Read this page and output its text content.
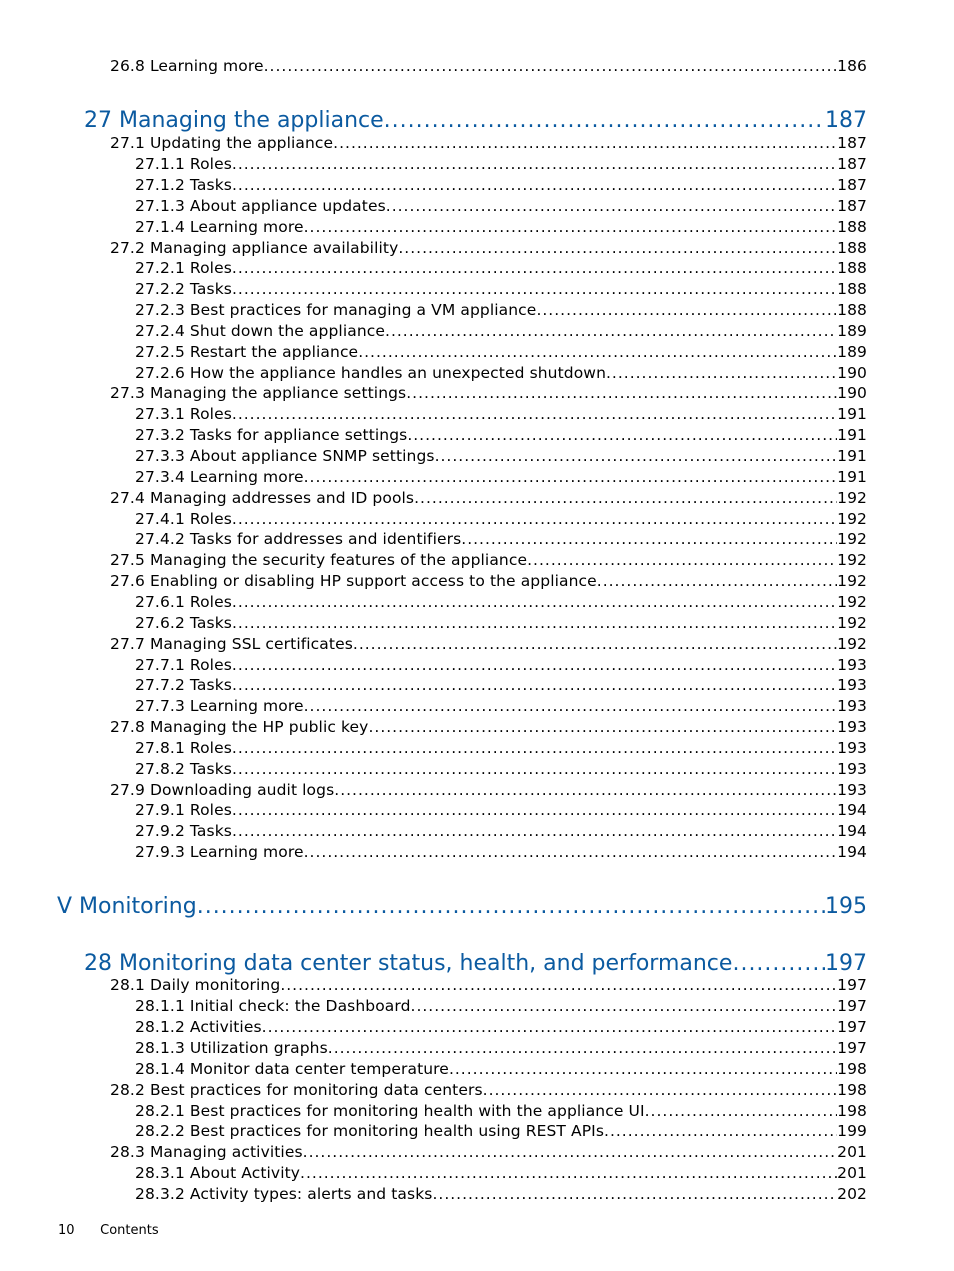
26.8 Learning more .....	186
27 Managing the appliance .....	187
27.1 Updating the appliance .....	187
27.1.1 Roles .....	187
27.1.2 Tasks .....	187
27.1.3 About appliance updates .....	187
27.1.4 Learning more .....	188
27.2 Managing appliance availability .....	188
27.2.1 Roles .....	188
27.2.2 Tasks .....	188
27.2.3 Best practices for managing a VM appliance .....	188
27.2.4 Shut down the appliance .....	189
27.2.5 Restart the appliance .....	189
27.2.6 How the appliance handles an unexpected shutdown .....	190
27.3 Managing the appliance settings .....	190
27.3.1 Roles .....	191
27.3.2 Tasks for appliance settings .....	191
27.3.3 About appliance SNMP settings .....	191
27.3.4 Learning more .....	191
27.4 Managing addresses and ID pools .....	192
27.4.1 Roles .....	192
27.4.2 Tasks for addresses and identifiers .....	192
27.5 Managing the security features of the appliance .....	192
27.6 Enabling or disabling HP support access to the appliance .....	192
27.6.1 Roles .....	192
27.6.2 Tasks .....	192
27.7 Managing SSL certificates .....	192
27.7.1 Roles .....	193
27.7.2 Tasks .....	193
27.7.3 Learning more .....	193
27.8 Managing the HP public key .....	193
27.8.1 Roles .....	193
27.8.2 Tasks .....	193
27.9 Downloading audit logs .....	193
27.9.1 Roles .....	194
27.9.2 Tasks .....	194
27.9.3 Learning more .....	194
V Monitoring .....	195
28 Monitoring data center status, health, and performance .....	197
28.1 Daily monitoring .....	197
28.1.1 Initial check: the Dashboard .....	197
28.1.2 Activities .....	197
28.1.3 Utilization graphs .....	197
28.1.4 Monitor data center temperature .....	198
28.2 Best practices for monitoring data centers .....	198
28.2.1 Best practices for monitoring health with the appliance UI .....	198
28.2.2 Best practices for monitoring health using REST APIs .....	199
28.3 Managing activities .....	201
28.3.1 About Activity .....	201
28.3.2 Activity types: alerts and tasks .....	202
10 Contents
